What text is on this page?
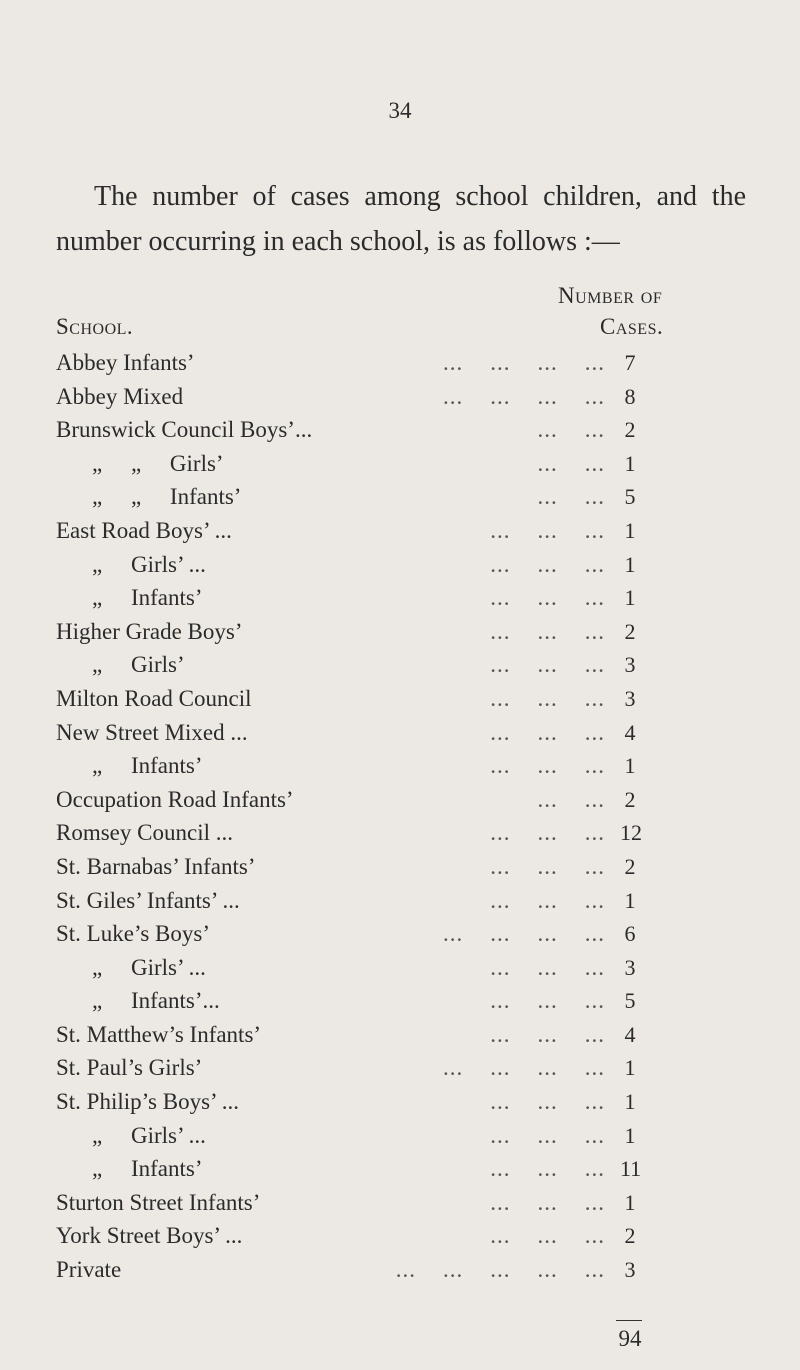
34
The number of cases among school children, and the number occurring in each school, is as follows :—
School.
Number of
Cases.
Abbey Infants’	...    ...    ...    ... 7
Abbey Mixed	...    ...    ...    ... 8
Brunswick Council Boys’...	...    ... 2
„     „     Girls’	...    ... 1
„     „     Infants’	...    ... 5
East Road Boys’ ...	...    ...    ... 1
„     Girls’ ...	...    ...    ... 1
„     Infants’	...    ...    ... 1
Higher Grade Boys’	...    ...    ... 2
„     Girls’	...    ...    ... 3
Milton Road Council	...    ...    ... 3
New Street Mixed ...	...    ...    ... 4
„     Infants’	...    ...    ... 1
Occupation Road Infants’	...    ... 2
Romsey Council ...	...    ...    ... 12
St. Barnabas’ Infants’	...    ...    ... 2
St. Giles’ Infants’ ...	...    ...    ... 1
St. Luke’s Boys’	...    ...    ...    ... 6
„     Girls’ ...	...    ...    ... 3
„     Infants’...	...    ...    ... 5
St. Matthew’s Infants’	...    ...    ... 4
St. Paul’s Girls’	...    ...    ...    ... 1
St. Philip’s Boys’ ...	...    ...    ... 1
„     Girls’ ...	...    ...    ... 1
„     Infants’	...    ...    ... 11
Sturton Street Infants’	...    ...    ... 1
York Street Boys’ ...	...    ...    ... 2
Private	...    ...    ...    ...    ... 3
94
